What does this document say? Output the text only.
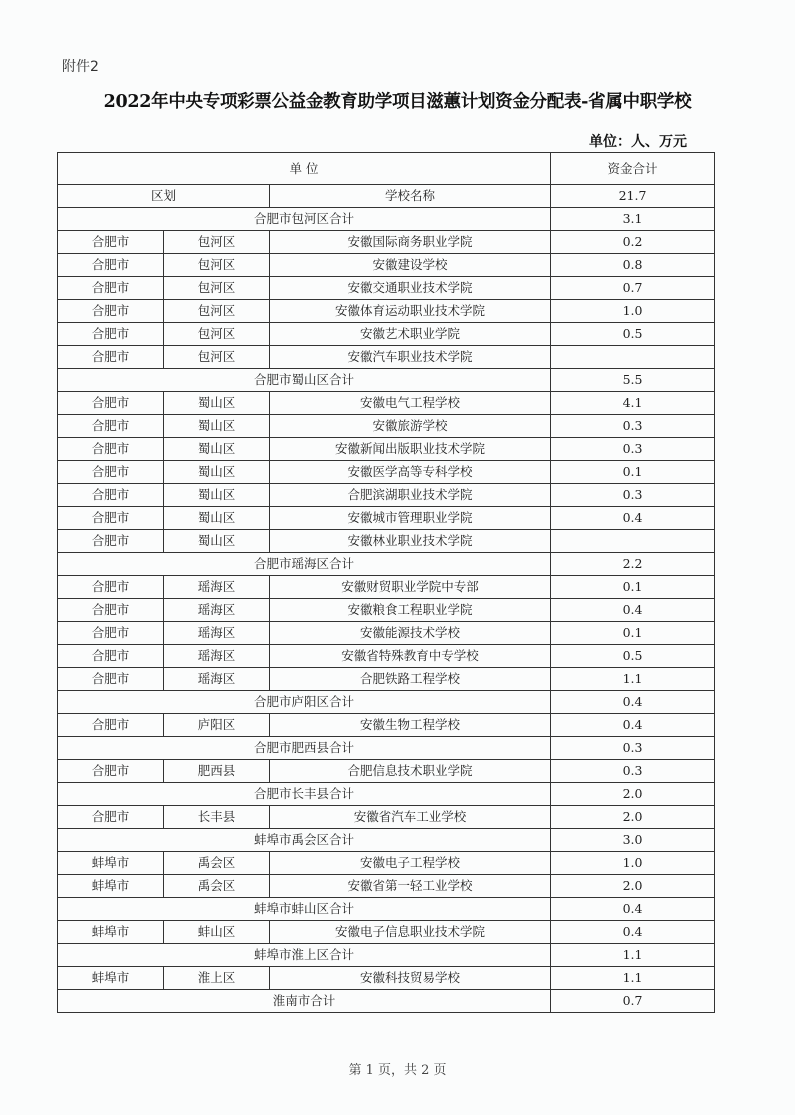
附件2
2022年中央专项彩票公益金教育助学项目滋蕙计划资金分配表-省属中职学校
单位：人、万元
单 位			资金合计
区划		学校名称	21.7
合肥市包河区合计			3.1
合肥市	包河区	安徽国际商务职业学院	0.2
合肥市	包河区	安徽建设学校	0.8
合肥市	包河区	安徽交通职业技术学院	0.7
合肥市	包河区	安徽体育运动职业技术学院	1.0
合肥市	包河区	安徽艺术职业学院	0.5
合肥市	包河区	安徽汽车职业技术学院	
合肥市蜀山区合计			5.5
合肥市	蜀山区	安徽电气工程学校	4.1
合肥市	蜀山区	安徽旅游学校	0.3
合肥市	蜀山区	安徽新闻出版职业技术学院	0.3
合肥市	蜀山区	安徽医学高等专科学校	0.1
合肥市	蜀山区	合肥滨湖职业技术学院	0.3
合肥市	蜀山区	安徽城市管理职业学院	0.4
合肥市	蜀山区	安徽林业职业技术学院	
合肥市瑶海区合计			2.2
合肥市	瑶海区	安徽财贸职业学院中专部	0.1
合肥市	瑶海区	安徽粮食工程职业学院	0.4
合肥市	瑶海区	安徽能源技术学校	0.1
合肥市	瑶海区	安徽省特殊教育中专学校	0.5
合肥市	瑶海区	合肥铁路工程学校	1.1
合肥市庐阳区合计			0.4
合肥市	庐阳区	安徽生物工程学校	0.4
合肥市肥西县合计			0.3
合肥市	肥西县	合肥信息技术职业学院	0.3
合肥市长丰县合计			2.0
合肥市	长丰县	安徽省汽车工业学校	2.0
蚌埠市禹会区合计			3.0
蚌埠市	禹会区	安徽电子工程学校	1.0
蚌埠市	禹会区	安徽省第一轻工业学校	2.0
蚌埠市蚌山区合计			0.4
蚌埠市	蚌山区	安徽电子信息职业技术学院	0.4
蚌埠市淮上区合计			1.1
蚌埠市	淮上区	安徽科技贸易学校	1.1
淮南市合计			0.7
第 1 页，共 2 页
